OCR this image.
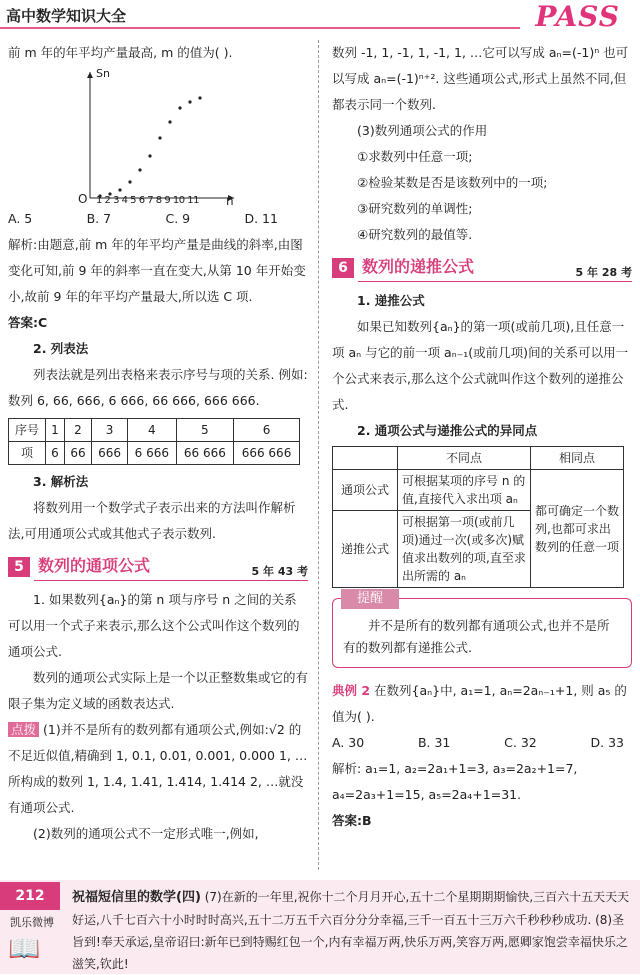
高中数学知识大全	PASS

前 m 年的年平均产量最高, m 的值为( ).

Sn
O 1 2 3 4 5 6 7 8 9 10 11 n
A. 5	B. 7	C. 9	D. 11

解析:由题意,前 m 年的年平均产量是曲线的斜率,由图变化可知,前 9 年的斜率一直在变大,从第 10 年开始变小,故前 9 年的年平均产量最大,所以选 C 项.

答案:C

2. 列表法

列表法就是列出表格来表示序号与项的关系. 例如:数列 6, 66, 666, 6 666, 66 666, 666 666.

序号	1	2	3	4	5	6
项	6	66	666	6 666	66 666	666 666

3. 解析法

将数列用一个数学式子表示出来的方法叫作解析法,可用通项公式或其他式子表示数列.

5 数列的通项公式	5 年 43 考

1. 如果数列{aₙ}的第 n 项与序号 n 之间的关系可以用一个式子来表示,那么这个公式叫作这个数列的通项公式.

数列的通项公式实际上是一个以正整数集或它的有限子集为定义域的函数表达式.

点拨 (1)并不是所有的数列都有通项公式,例如:√2 的不足近似值,精确到 1, 0.1, 0.01, 0.001, 0.000 1, …所构成的数列 1, 1.4, 1.41, 1.414, 1.414 2, …就没有通项公式.

(2)数列的通项公式不一定形式唯一,例如,

数列 -1, 1, -1, 1, -1, 1, …它可以写成 aₙ=(-1)ⁿ 也可以写成 aₙ=(-1)ⁿ⁺². 这些通项公式,形式上虽然不同,但都表示同一个数列.

(3)数列通项公式的作用

①求数列中任意一项;

②检验某数是否是该数列中的一项;

③研究数列的单调性;

④研究数列的最值等.

6 数列的递推公式	5 年 28 考

1. 递推公式

如果已知数列{aₙ}的第一项(或前几项),且任意一项 aₙ 与它的前一项 aₙ₋₁(或前几项)间的关系可以用一个公式来表示,那么这个公式就叫作这个数列的递推公式.

2. 通项公式与递推公式的异同点

	不同点	相同点
通项公式	可根据某项的序号 n 的值,直接代入求出项 aₙ	都可确定一个数列,也都可求出数列的任意一项
递推公式	可根据第一项(或前几项)通过一次(或多次)赋值求出数列的项,直至求出所需的 aₙ	
提醒

并不是所有的数列都有通项公式,也并不是所有的数列都有递推公式.

典例 2 在数列{aₙ}中, a₁=1, aₙ=2aₙ₋₁+1, 则 a₅ 的值为( ).

A. 30	B. 31	C. 32	D. 33

解析: a₁=1, a₂=2a₁+1=3, a₃=2a₂+1=7, a₄=2a₃+1=15, a₅=2a₄+1=31.

答案:B

212
凯乐微博
📖
祝福短信里的数学(四) (7)在新的一年里,祝你十二个月月开心,五十二个星期期期愉快,三百六十五天天天好运,八千七百六十小时时时高兴,五十二万五千六百分分分幸福,三千一百五十三万六千秒秒秒成功. (8)圣旨到!奉天承运,皇帝诏曰:新年已到特赐红包一个,内有幸福万两,快乐万两,笑容万两,愿卿家饱尝幸福快乐之滋笑,钦此!
